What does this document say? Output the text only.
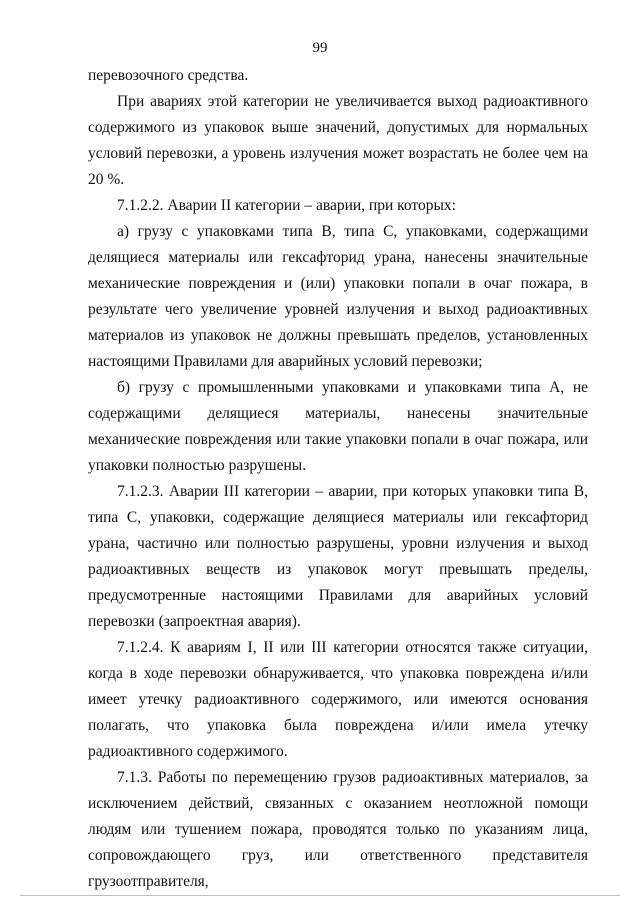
99

перевозочного средства.

При авариях этой категории не увеличивается выход радиоактивного содержимого из упаковок выше значений, допустимых для нормальных условий перевозки, а уровень излучения может возрастать не более чем на 20 %.

7.1.2.2. Аварии II категории – аварии, при которых:

а) грузу с упаковками типа В, типа С, упаковками, содержащими делящиеся материалы или гексафторид урана, нанесены значительные механические повреждения и (или) упаковки попали в очаг пожара, в результате чего увеличение уровней излучения и выход радиоактивных материалов из упаковок не должны превышать пределов, установленных настоящими Правилами для аварийных условий перевозки;

б) грузу с промышленными упаковками и упаковками типа А, не содержащими делящиеся материалы, нанесены значительные механические повреждения или такие упаковки попали в очаг пожара, или упаковки полностью разрушены.

7.1.2.3. Аварии III категории – аварии, при которых упаковки типа В, типа С, упаковки, содержащие делящиеся материалы или гексафторид урана, частично или полностью разрушены, уровни излучения и выход радиоактивных веществ из упаковок могут превышать пределы, предусмотренные настоящими Правилами для аварийных условий перевозки (запроектная авария).

7.1.2.4. К авариям I, II или III категории относятся также ситуации, когда в ходе перевозки обнаруживается, что упаковка повреждена и/или имеет утечку радиоактивного содержимого, или имеются основания полагать, что упаковка была повреждена и/или имела утечку радиоактивного содержимого.

7.1.3. Работы по перемещению грузов радиоактивных материалов, за исключением действий, связанных с оказанием неотложной помощи людям или тушением пожара, проводятся только по указаниям лица, сопровождающего груз, или ответственного представителя грузоотправителя,
